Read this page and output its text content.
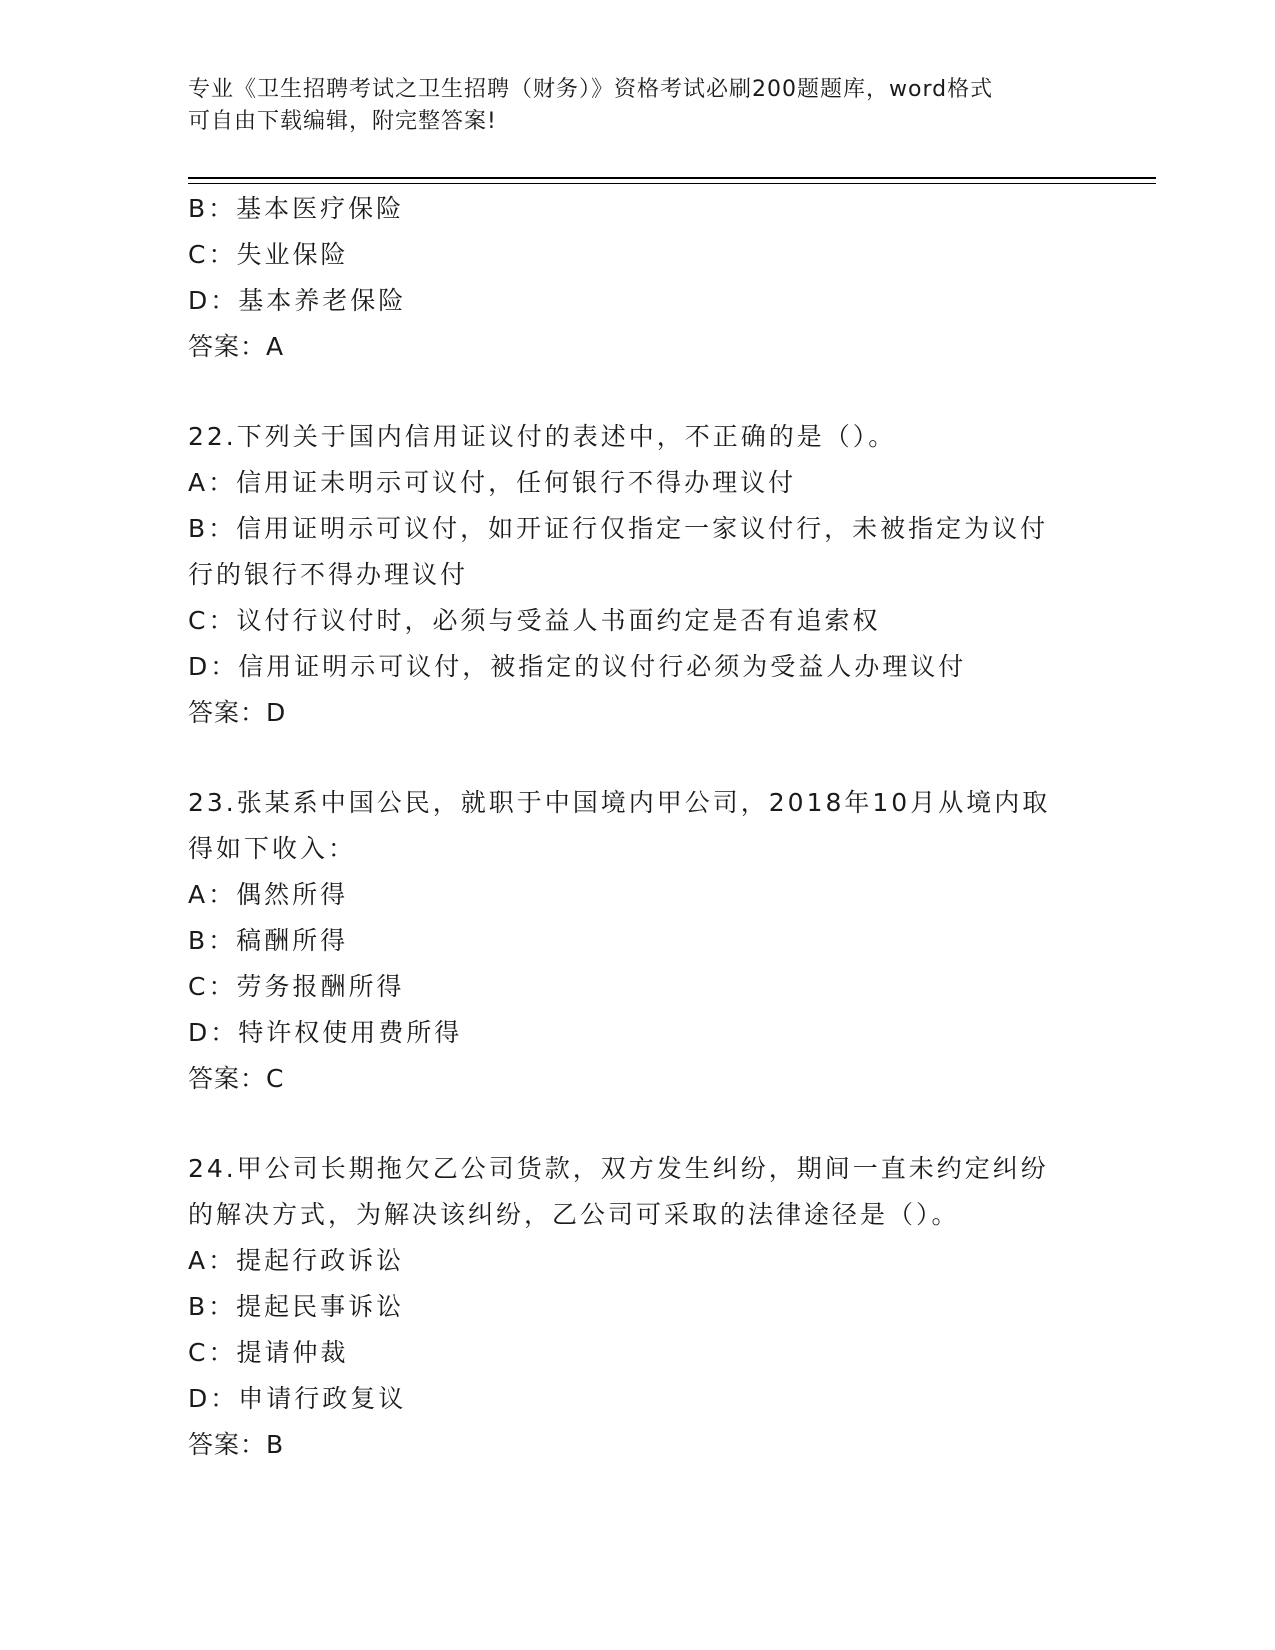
专业《卫生招聘考试之卫生招聘（财务）》资格考试必刷200题题库，word格式
可自由下载编辑，附完整答案!
B：基本医疗保险
C：失业保险
D：基本养老保险
答案：A
22.下列关于国内信用证议付的表述中，不正确的是（）。
A：信用证未明示可议付，任何银行不得办理议付
B：信用证明示可议付，如开证行仅指定一家议付行，未被指定为议付
行的银行不得办理议付
C：议付行议付时，必须与受益人书面约定是否有追索权
D：信用证明示可议付，被指定的议付行必须为受益人办理议付
答案：D
23.张某系中国公民，就职于中国境内甲公司，2018年10月从境内取
得如下收入：
A：偶然所得
B：稿酬所得
C：劳务报酬所得
D：特许权使用费所得
答案：C
24.甲公司长期拖欠乙公司货款，双方发生纠纷，期间一直未约定纠纷
的解决方式，为解决该纠纷，乙公司可采取的法律途径是（）。
A：提起行政诉讼
B：提起民事诉讼
C：提请仲裁
D：申请行政复议
答案：B
